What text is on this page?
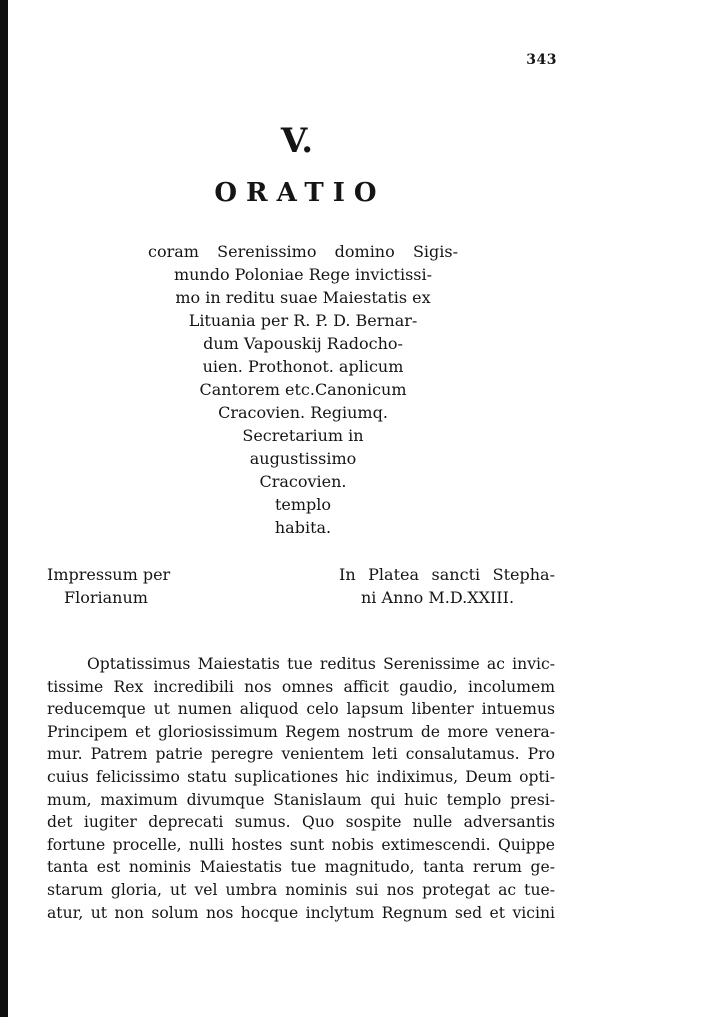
343
V.
ORATIO
coram Serenissimo domino Sigis-
mundo Poloniae Rege invictissi-
mo in reditu suae Maiestatis ex
Lituania per R. P. D. Bernar-
dum Vapouskij Radocho-
uien. Prothonot. aplicum
Cantorem etc.Canonicum
Cracovien. Regiumq.
Secretarium in
augustissimo
Cracovien.
templo
habita.
Impressum per
Florianum
In Platea sancti Stepha-
ni Anno M.D.XXIII.
Optatissimus Maiestatis tue reditus Serenissime ac invic-
tissime Rex incredibili nos omnes afficit gaudio, incolumem
reducemque ut numen aliquod celo lapsum libenter intuemus
Principem et gloriosissimum Regem nostrum de more venera-
mur. Patrem patrie peregre venientem leti consalutamus. Pro
cuius felicissimo statu suplicationes hic indiximus, Deum opti-
mum, maximum divumque Stanislaum qui huic templo presi-
det iugiter deprecati sumus. Quo sospite nulle adversantis
fortune procelle, nulli hostes sunt nobis extimescendi. Quippe
tanta est nominis Maiestatis tue magnitudo, tanta rerum ge-
starum gloria, ut vel umbra nominis sui nos protegat ac tue-
atur, ut non solum nos hocque inclytum Regnum sed et vicini
